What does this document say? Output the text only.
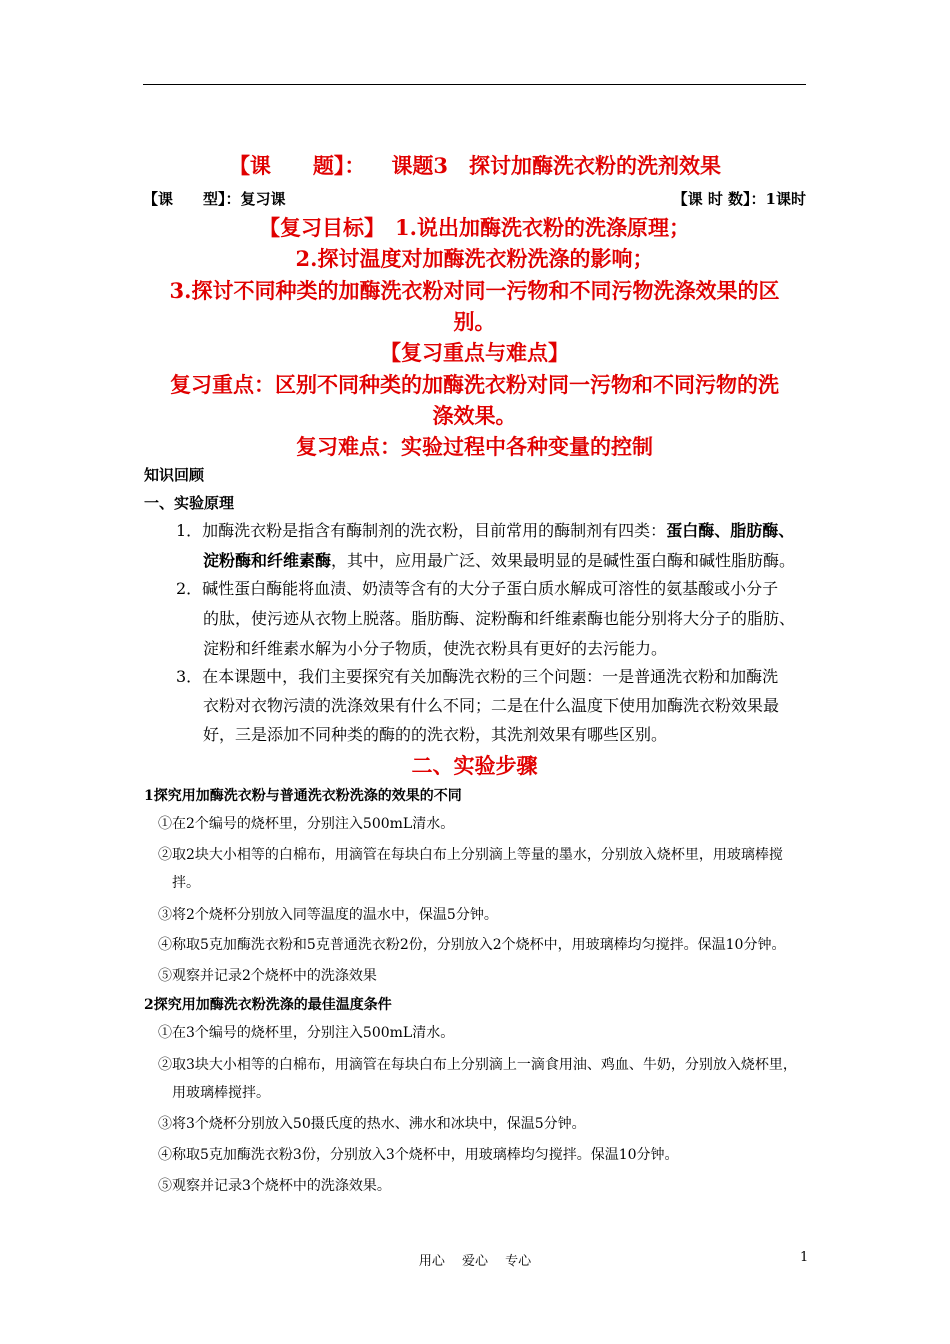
【课　　题】： 课题3　探讨加酶洗衣粉的洗剂效果
【课　　型】：复习课	【课 时 数】：1课时
【复习目标】 1.说出加酶洗衣粉的洗涤原理；
2.探讨温度对加酶洗衣粉洗涤的影响；
3.探讨不同种类的加酶洗衣粉对同一污物和不同污物洗涤效果的区
别。
【复习重点与难点】
复习重点：区别不同种类的加酶洗衣粉对同一污物和不同污物的洗
涤效果。
复习难点：实验过程中各种变量的控制
知识回顾
一、实验原理
1．加酶洗衣粉是指含有酶制剂的洗衣粉，目前常用的酶制剂有四类：蛋白酶、脂肪酶、
淀粉酶和纤维素酶，其中，应用最广泛、效果最明显的是碱性蛋白酶和碱性脂肪酶。
2．碱性蛋白酶能将血渍、奶渍等含有的大分子蛋白质水解成可溶性的氨基酸或小分子
的肽，使污迹从衣物上脱落。脂肪酶、淀粉酶和纤维素酶也能分别将大分子的脂肪、
淀粉和纤维素水解为小分子物质，使洗衣粉具有更好的去污能力。
3．在本课题中，我们主要探究有关加酶洗衣粉的三个问题：一是普通洗衣粉和加酶洗
衣粉对衣物污渍的洗涤效果有什么不同；二是在什么温度下使用加酶洗衣粉效果最
好，三是添加不同种类的酶的的洗衣粉，其洗剂效果有哪些区别。
二、实验步骤
1探究用加酶洗衣粉与普通洗衣粉洗涤的效果的不同
①在2个编号的烧杯里，分别注入500mL清水。
②取2块大小相等的白棉布，用滴管在每块白布上分别滴上等量的墨水，分别放入烧杯里，用玻璃棒搅
拌。
③将2个烧杯分别放入同等温度的温水中，保温5分钟。
④称取5克加酶洗衣粉和5克普通洗衣粉2份，分别放入2个烧杯中，用玻璃棒均匀搅拌。保温10分钟。
⑤观察并记录2个烧杯中的洗涤效果
2探究用加酶洗衣粉洗涤的最佳温度条件
①在3个编号的烧杯里，分别注入500mL清水。
②取3块大小相等的白棉布，用滴管在每块白布上分别滴上一滴食用油、鸡血、牛奶，分别放入烧杯里，
用玻璃棒搅拌。
③将3个烧杯分别放入50摄氏度的热水、沸水和冰块中，保温5分钟。
④称取5克加酶洗衣粉3份，分别放入3个烧杯中，用玻璃棒均匀搅拌。保温10分钟。
⑤观察并记录3个烧杯中的洗涤效果。
用心　 爱心　 专心	1
